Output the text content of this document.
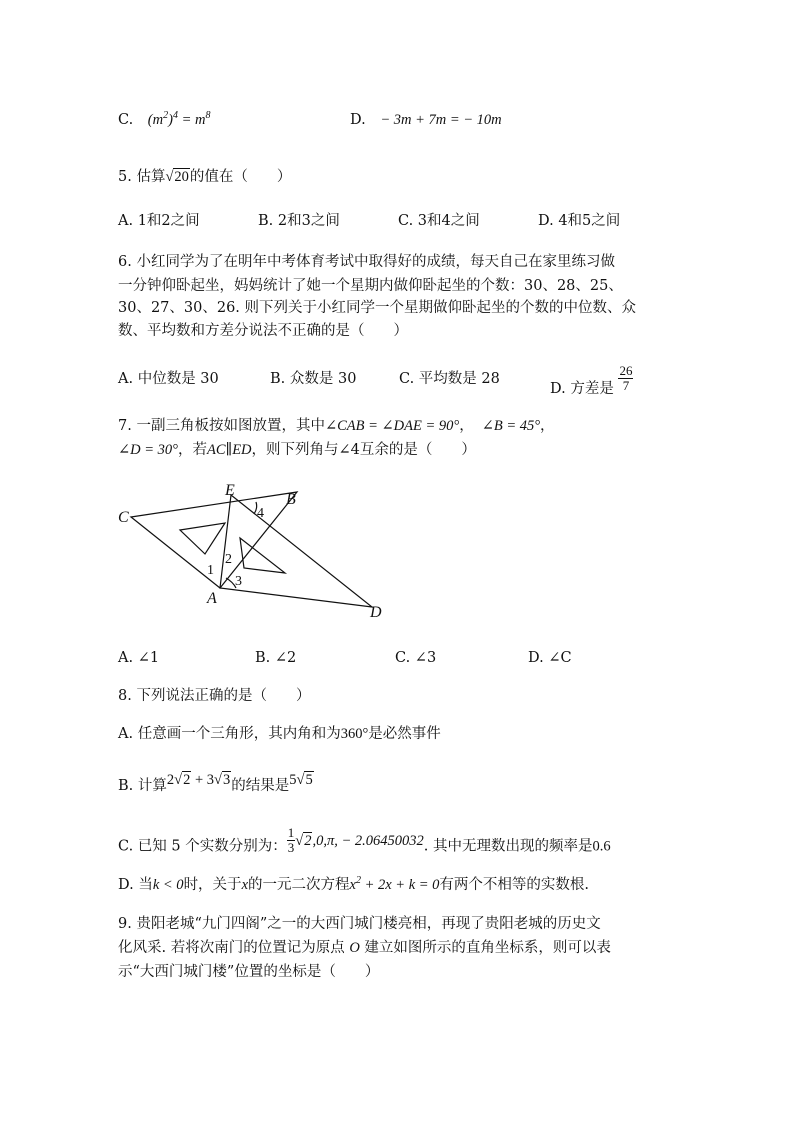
C. $(m^2)^4 = m^8$	D. − 3m + 7m = − 10m
5. 估算√20的值在（　　）
A. 1和2之间	B. 2和3之间	C. 3和4之间	D. 4和5之间
6. 小红同学为了在明年中考体育考试中取得好的成绩，每天自己在家里练习做
一分钟仰卧起坐，妈妈统计了她一个星期内做仰卧起坐的个数：30、28、25、
30、27、30、26. 则下列关于小红同学一个星期做仰卧起坐的个数的中位数、众
数、平均数和方差分说法不正确的是（　　）
A. 中位数是 30	B. 众数是 30	C. 平均数是 28
D. 方差是 $\frac{26}{7}$
7. 一副三角板按如图放置，其中∠CAB = ∠DAE = 90°， ∠B = 45°，
∠D = 30°，若AC∥ED，则下列角与∠4互余的是（　　）
C
E
B
A
D
1
2
3
4
A. ∠1	B. ∠2	C. ∠3	D. ∠C
8. 下列说法正确的是（　　）
A. 任意画一个三角形，其内角和为360°是必然事件
B. 计算2√2 + 3√3的结果是5√5
C. 已知 5 个实数分别为： $\frac{1}{3} √2,0,\pi$, − 2.06450032. 其中无理数出现的频率是0.6
D. 当k < 0时，关于x的一元二次方程$x^2 + 2x + k = 0$有两个不相等的实数根.
9. 贵阳老城“九门四阁”之一的大西门城门楼亮相，再现了贵阳老城的历史文
化风采. 若将次南门的位置记为原点 O 建立如图所示的直角坐标系，则可以表
示“大西门城门楼”位置的坐标是（　　）
